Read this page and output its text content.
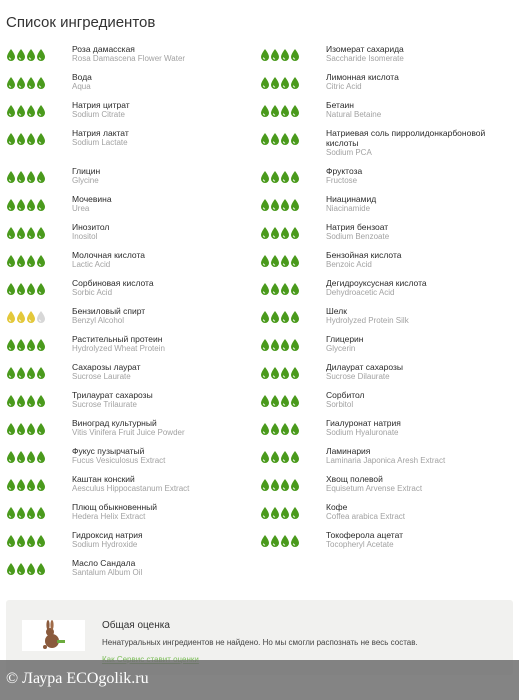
Список ингредиентов
Роза дамасская
Rosa Damascena Flower Water
Вода
Aqua
Натрия цитрат
Sodium Citrate
Натрия лактат
Sodium Lactate
Глицин
Glycine
Мочевина
Urea
Инозитол
Inositol
Молочная кислота
Lactic Acid
Сорбиновая кислота
Sorbic Acid
Бензиловый спирт
Benzyl Alcohol
Растительный протеин
Hydrolyzed Wheat Protein
Сахарозы лаурат
Sucrose Laurate
Трилаурат сахарозы
Sucrose Trilaurate
Виноград культурный
Vitis Vinifera Fruit Juice Powder
Фукус пузырчатый
Fucus Vesiculosus Extract
Каштан конский
Aesculus Hippocastanum Extract
Плющ обыкновенный
Hedera Helix Extract
Гидроксид натрия
Sodium Hydroxide
Масло Сандала
Santalum Album Oil
Изомерат сахарида
Saccharide Isomerate
Лимонная кислота
Citric Acid
Бетаин
Natural Betaine
Натриевая соль пирролидонкарбоновой кислоты
Sodium PCA
Фруктоза
Fructose
Ниацинамид
Niacinamide
Натрия бензоат
Sodium Benzoate
Бензойная кислота
Benzoic Acid
Дегидроуксусная кислота
Dehydroacetic Acid
Шелк
Hydrolyzed Protein Silk
Глицерин
Glycerin
Дилаурат сахарозы
Sucrose Dilaurate
Сорбитол
Sorbitol
Гиалуронат натрия
Sodium Hyaluronate
Ламинария
Laminaria Japonica Aresh Extract
Хвощ полевой
Equisetum Arvense Extract
Кофе
Coffea arabica Extract
Токоферола ацетат
Tocopheryl Acetate
Общая оценка
Ненатуральных ингредиентов не найдено. Но мы смогли распознать не весь состав.
© Лаура ECOgolik.ru
